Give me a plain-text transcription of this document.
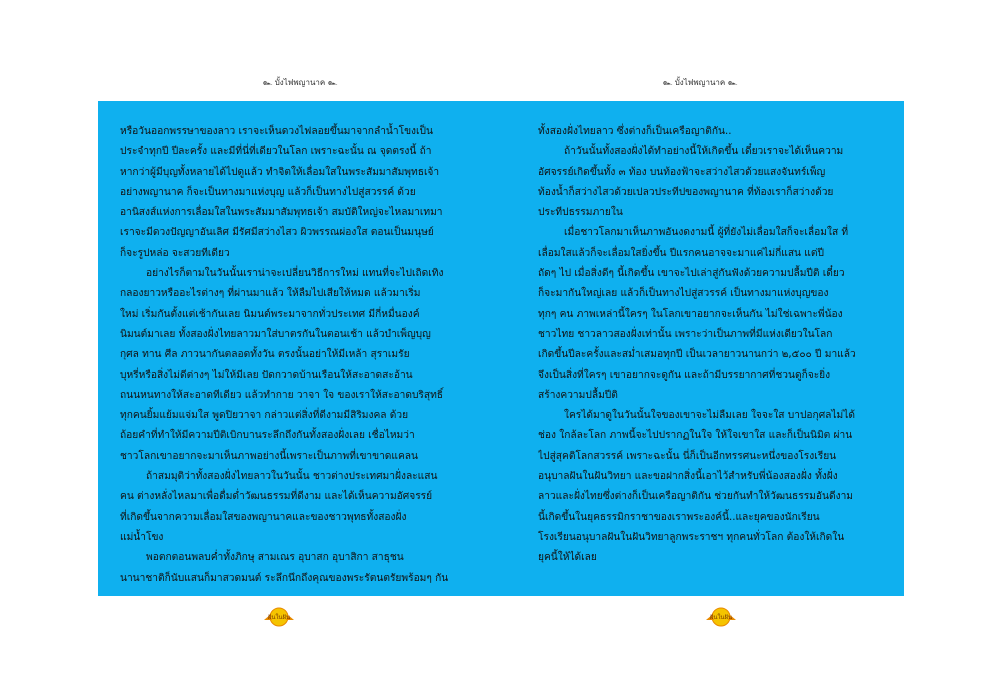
๛ บั้งไฟพญานาค ๛	๛ บั้งไฟพญานาค ๛
หรือวันออกพรรษาของลาว เราจะเห็นดวงไฟลอยขึ้นมาจากลำน้ำโขงเป็น
ประจำทุกปี ปีละครั้ง และมีที่นี่ที่เดียวในโลก เพราะฉะนั้น ณ จุดตรงนี้ ถ้า
หากว่าผู้มีบุญทั้งหลายได้ไปดูแล้ว ทำจิตให้เลื่อมใสในพระสัมมาสัมพุทธเจ้า
อย่างพญานาค ก็จะเป็นทางมาแห่งบุญ แล้วก็เป็นทางไปสู่สวรรค์ ด้วย
อานิสงส์แห่งการเลื่อมใสในพระสัมมาสัมพุทธเจ้า สมบัติใหญ่จะไหลมาเทมา
เราจะมีดวงปัญญาอันเลิศ มีรัศมีสว่างไสว ผิวพรรณผ่องใส ตอนเป็นมนุษย์
ก็จะรูปหล่อ จะสวยทีเดียว
อย่างไรก็ตามในวันนั้นเราน่าจะเปลี่ยนวิธีการใหม่ แทนที่จะไปเถิดเทิง
กลองยาวหรืออะไรต่างๆ ที่ผ่านมาแล้ว ให้ลืมไปเสียให้หมด แล้วมาเริ่ม
ใหม่ เริ่มกันตั้งแต่เช้ากันเลย นิมนต์พระมาจากทั่วประเทศ มีกี่หมื่นองค์
นิมนต์มาเลย ทั้งสองฝั่งไทยลาวมาใส่บาตรกันในตอนเช้า แล้วบำเพ็ญบุญ
กุศล ทาน ศีล ภาวนากันตลอดทั้งวัน ตรงนั้นอย่าให้มีเหล้า สุราเมรัย
บุหรี่หรือสิ่งไม่ดีต่างๆ ไม่ให้มีเลย ปัดกวาดบ้านเรือนให้สะอาดสะอ้าน
ถนนหนทางให้สะอาดทีเดียว แล้วทำกาย วาจา ใจ ของเราให้สะอาดบริสุทธิ์
ทุกคนยิ้มแย้มแจ่มใส พูดปิยวาจา กล่าวแต่สิ่งที่ดีงามมีสิริมงคล ด้วย
ถ้อยคำที่ทำให้มีความปีติเบิกบานระลึกถึงกันทั้งสองฝั่งเลย เชื่อไหมว่า
ชาวโลกเขาอยากจะมาเห็นภาพอย่างนี้เพราะเป็นภาพที่เขาขาดแคลน
ถ้าสมมุติว่าทั้งสองฝั่งไทยลาวในวันนั้น ชาวต่างประเทศมาฝั่งละแสน
คน ต่างหลั่งไหลมาเพื่อดื่มด่ำวัฒนธรรมที่ดีงาม และได้เห็นความอัศจรรย์
ที่เกิดขึ้นจากความเลื่อมใสของพญานาคและของชาวพุทธทั้งสองฝั่ง
แม่น้ำโขง
พอตกตอนพลบค่ำทั้งภิกษุ สามเณร อุบาสก อุบาสิกา สาธุชน
นานาชาติก็นับแสนก็มาสวดมนต์ ระลึกนึกถึงคุณของพระรัตนตรัยพร้อมๆ กัน
ทั้งสองฝั่งไทยลาว ซึ่งต่างก็เป็นเครือญาติกัน..
ถ้าวันนั้นทั้งสองฝั่งได้ทำอย่างนี้ให้เกิดขึ้น เดี๋ยวเราจะได้เห็นความ
อัศจรรย์เกิดขึ้นทั้ง ๓ ท้อง บนท้องฟ้าจะสว่างไสวด้วยแสงจันทร์เพ็ญ
ท้องน้ำก็สว่างไสวด้วยเปลวประทีปของพญานาค ที่ท้องเราก็สว่างด้วย
ประทีปธรรมภายใน
เมื่อชาวโลกมาเห็นภาพอันงดงามนี้ ผู้ที่ยังไม่เลื่อมใสก็จะเลื่อมใส ที่
เลื่อมใสแล้วก็จะเลื่อมใสยิ่งขึ้น ปีแรกคนอาจจะมาแค่ไม่กี่แสน แต่ปี
ถัดๆ ไป เมื่อสิ่งดีๆ นี้เกิดขึ้น เขาจะไปเล่าสู่กันฟังด้วยความปลื้มปีติ เดี๋ยว
ก็จะมากันใหญ่เลย แล้วก็เป็นทางไปสู่สวรรค์ เป็นทางมาแห่งบุญของ
ทุกๆ คน ภาพเหล่านี้ใครๆ ในโลกเขาอยากจะเห็นกัน ไม่ใช่เฉพาะพี่น้อง
ชาวไทย ชาวลาวสองฝั่งเท่านั้น เพราะว่าเป็นภาพที่มีแห่งเดียวในโลก
เกิดขึ้นปีละครั้งและสม่ำเสมอทุกปี เป็นเวลายาวนานกว่า ๒,๕๐๐ ปี มาแล้ว
จึงเป็นสิ่งที่ใครๆ เขาอยากจะดูกัน และถ้ามีบรรยากาศที่ชวนดูก็จะยิ่ง
สร้างความปลื้มปีติ
ใครได้มาดูในวันนั้นใจของเขาจะไม่ลืมเลย ใจจะใส บาปอกุศลไม่ได้
ช่อง ใกล้ละโลก ภาพนี้จะไปปรากฏในใจ ให้ใจเขาใส และก็เป็นนิมิต ผ่าน
ไปสู่สุคติโลกสวรรค์ เพราะฉะนั้น นี่ก็เป็นอีกทรรศนะหนึ่งของโรงเรียน
อนุบาลฝันในฝันวิทยา และขอฝากสิ่งนี้เอาไว้สำหรับพี่น้องสองฝั่ง ทั้งฝั่ง
ลาวและฝั่งไทยซึ่งต่างก็เป็นเครือญาติกัน ช่วยกันทำให้วัฒนธรรมอันดีงาม
นี้เกิดขึ้นในยุคธรรมิกราชาของเราพระองค์นี้..และยุคของนักเรียน
โรงเรียนอนุบาลฝันในฝันวิทยาลูกพระราชฯ ทุกคนทั่วโลก ต้องให้เกิดใน
ยุคนี้ให้ได้เลย
ฝันในฝัน	ฝันในฝัน
